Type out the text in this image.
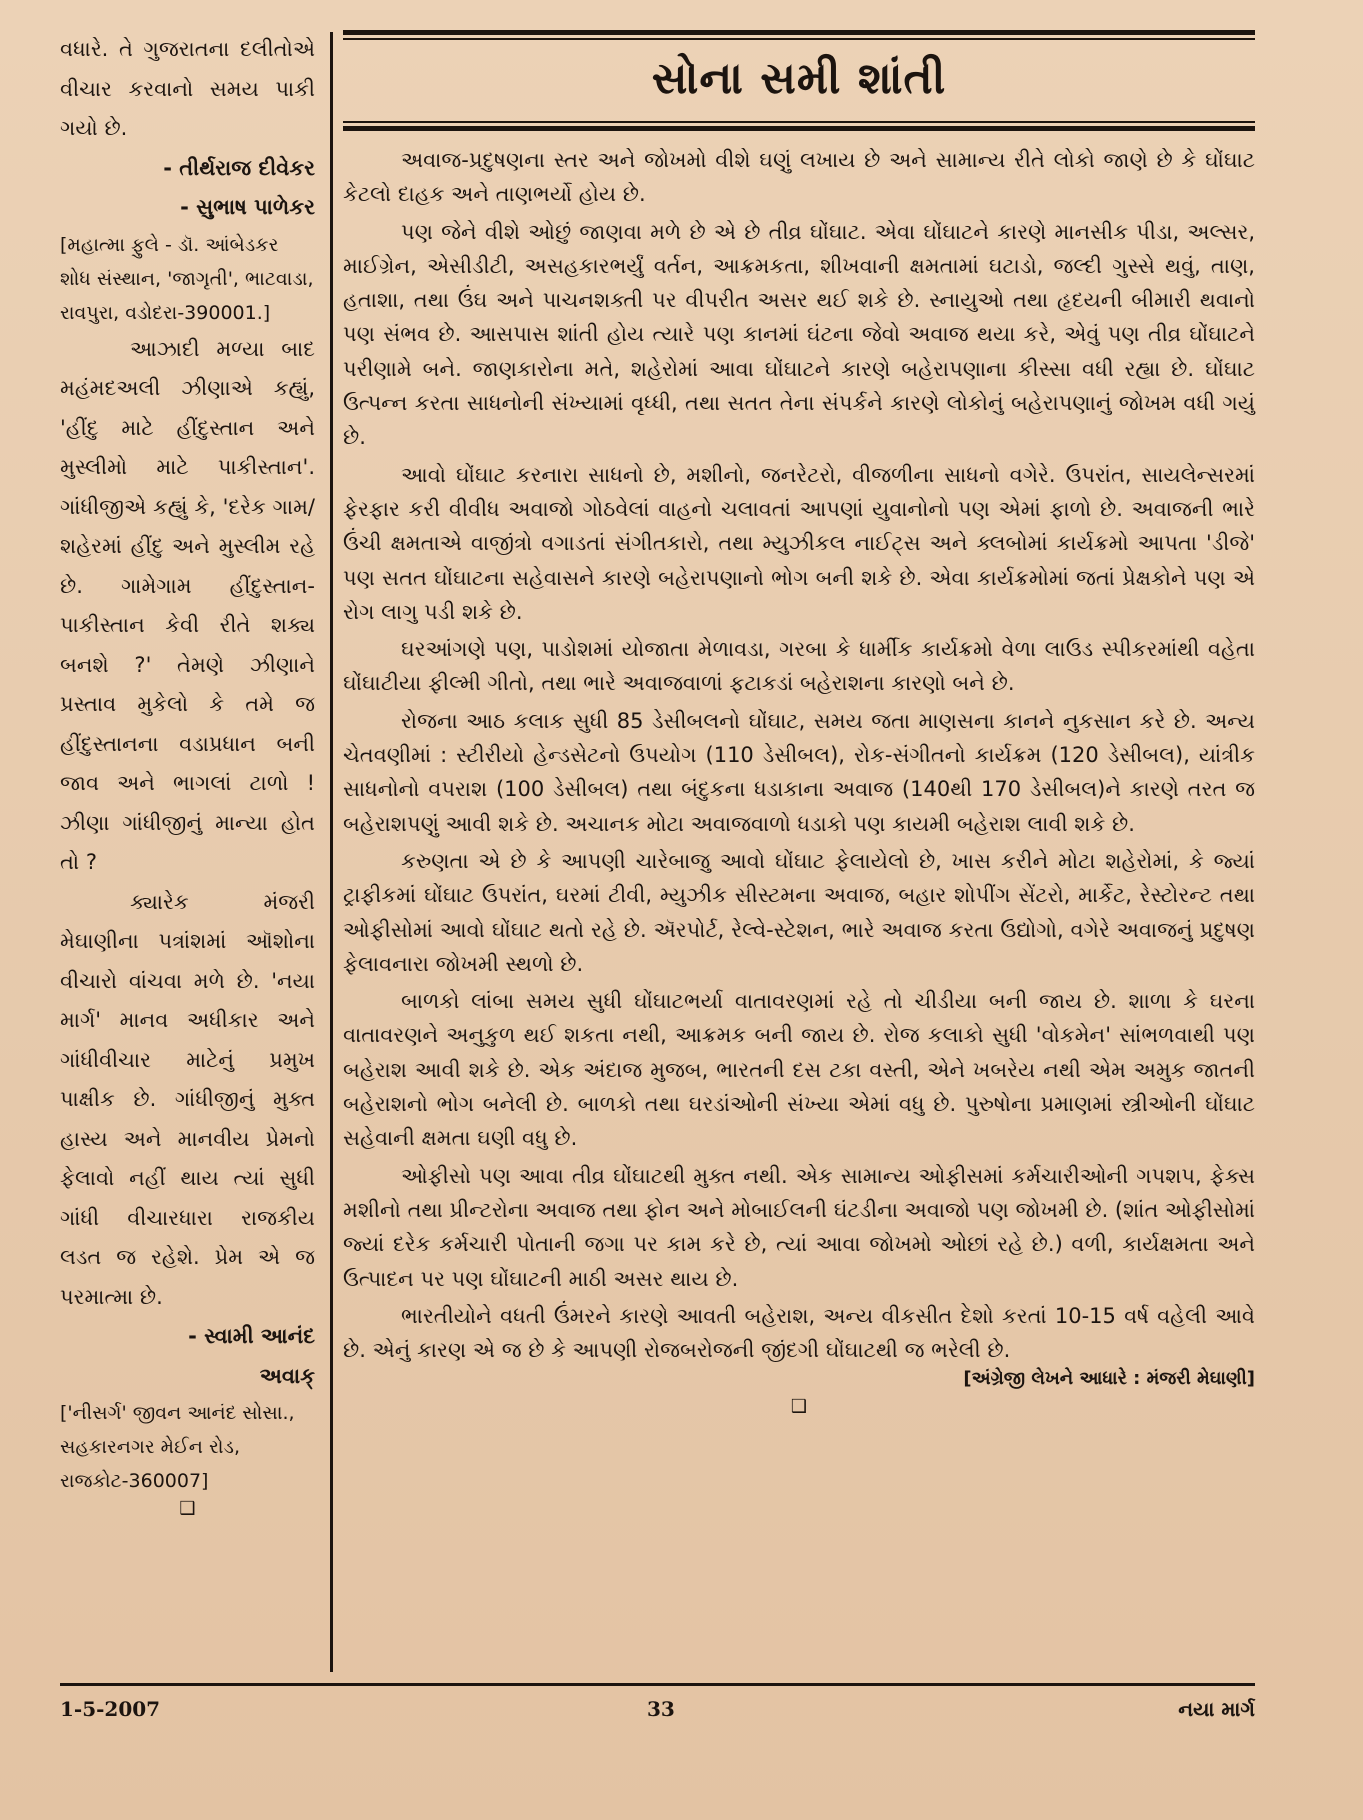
વધારે. તે ગુજરાતના દલીતોએ વીચાર કરવાનો સમય પાકી ગયો છે.

- તીર્થરાજ દીવેકર

- સુભાષ પાળેકર

[મહાત્મા ફુલે - ડૉ. આંબેડકર શોધ સંસ્થાન, 'જાગૃતી', ભાટવાડા, રાવપુરા, વડોદરા-390001.]

આઝાદી મળ્યા બાદ મહંમદઅલી ઝીણાએ કહ્યું, 'હીંદુ માટે હીંદુસ્તાન અને મુસ્લીમો માટે પાકીસ્તાન'. ગાંધીજીએ કહ્યું કે, 'દરેક ગામ/શહેરમાં હીંદુ અને મુસ્લીમ રહે છે. ગામેગામ હીંદુસ્તાન-પાકીસ્તાન કેવી રીતે શક્ય બનશે ?' તેમણે ઝીણાને પ્રસ્તાવ મુકેલો કે તમે જ હીંદુસ્તાનના વડાપ્રધાન બની જાવ અને ભાગલાં ટાળો ! ઝીણા ગાંધીજીનું માન્યા હોત તો ?

ક્યારેક મંજરી મેઘાણીના પત્રાંશમાં ઑશોના વીચારો વાંચવા મળે છે. 'નયા માર્ગ' માનવ અધીકાર અને ગાંધીવીચાર માટેનું પ્રમુખ પાક્ષીક છે. ગાંધીજીનું મુક્ત હાસ્ય અને માનવીય પ્રેમનો ફેલાવો નહીં થાય ત્યાં સુધી ગાંધી વીચારધારા રાજકીય લડત જ રહેશે. પ્રેમ એ જ પરમાત્મા છે.

- સ્વામી આનંદ

અવાક્

['નીસર્ગ' જીવન આનંદ સોસા., સહકારનગર મેઈન રોડ, રાજકોટ-360007]

❑
સોના સમી શાંતી

અવાજ-પ્રદુષણના સ્તર અને જોખમો વીશે ઘણું લખાય છે અને સામાન્ય રીતે લોકો જાણે છે કે ઘોંઘાટ કેટલો દાહક અને તાણભર્યો હોય છે.

પણ જેને વીશે ઓછું જાણવા મળે છે એ છે તીવ્ર ઘોંઘાટ. એવા ઘોંઘાટને કારણે માનસીક પીડા, અલ્સર, માઈગ્રેન, એસીડીટી, અસહકારભર્યું વર્તન, આક્રમકતા, શીખવાની ક્ષમતામાં ઘટાડો, જલ્દી ગુસ્સે થવું, તાણ, હતાશા, તથા ઉંઘ અને પાચનશક્તી પર વીપરીત અસર થઈ શકે છે. સ્નાયુઓ તથા હૃદયની બીમારી થવાનો પણ સંભવ છે. આસપાસ શાંતી હોય ત્યારે પણ કાનમાં ઘંટના જેવો અવાજ થયા કરે, એવું પણ તીવ્ર ઘોંઘાટને પરીણામે બને. જાણકારોના મતે, શહેરોમાં આવા ઘોંઘાટને કારણે બહેરાપણાના કીસ્સા વધી રહ્યા છે. ઘોંઘાટ ઉત્પન્ન કરતા સાધનોની સંખ્યામાં વૃધ્ધી, તથા સતત તેના સંપર્કને કારણે લોકોનું બહેરાપણાનું જોખમ વધી ગયું છે.

આવો ઘોંઘાટ કરનારા સાધનો છે, મશીનો, જનરેટરો, વીજળીના સાધનો વગેરે. ઉપરાંત, સાયલેન્સરમાં ફેરફાર કરી વીવીધ અવાજો ગોઠવેલાં વાહનો ચલાવતાં આપણાં યુવાનોનો પણ એમાં ફાળો છે. અવાજની ભારે ઉંચી ક્ષમતાએ વાજીંત્રો વગાડતાં સંગીતકારો, તથા મ્યુઝીકલ નાઈટ્સ અને ક્લબોમાં કાર્યક્રમો આપતા 'ડીજે' પણ સતત ઘોંઘાટના સહેવાસને કારણે બહેરાપણાનો ભોગ બની શકે છે. એવા કાર્યક્રમોમાં જતાં પ્રેક્ષકોને પણ એ રોગ લાગુ પડી શકે છે.

ઘરઆંગણે પણ, પાડોશમાં યોજાતા મેળાવડા, ગરબા કે ધાર્મીક કાર્યક્રમો વેળા લાઉડ સ્પીકરમાંથી વહેતા ઘોંઘાટીયા ફીલ્મી ગીતો, તથા ભારે અવાજવાળાં ફટાકડાં બહેરાશના કારણો બને છે.

રોજના આઠ કલાક સુધી 85 ડેસીબલનો ઘોંઘાટ, સમય જતા માણસના કાનને નુકસાન કરે છે. અન્ય ચેતવણીમાં : સ્ટીરીયો હેન્ડસેટનો ઉપયોગ (110 ડેસીબલ), રોક-સંગીતનો કાર્યક્રમ (120 ડેસીબલ), યાંત્રીક સાધનોનો વપરાશ (100 ડેસીબલ) તથા બંદુકના ધડાકાના અવાજ (140થી 170 ડેસીબલ)ને કારણે તરત જ બહેરાશપણું આવી શકે છે. અચાનક મોટા અવાજવાળો ધડાકો પણ કાયમી બહેરાશ લાવી શકે છે.

કરુણતા એ છે કે આપણી ચારેબાજુ આવો ઘોંઘાટ ફેલાયેલો છે, ખાસ કરીને મોટા શહેરોમાં, કે જ્યાં ટ્રાફીકમાં ઘોંઘાટ ઉપરાંત, ઘરમાં ટીવી, મ્યુઝીક સીસ્ટમના અવાજ, બહાર શોપીંગ સેંટરો, માર્કેટ, રેસ્ટોરન્ટ તથા ઓફીસોમાં આવો ઘોંઘાટ થતો રહે છે. ઍરપોર્ટ, રેલ્વે-સ્ટેશન, ભારે અવાજ કરતા ઉદ્યોગો, વગેરે અવાજનું પ્રદુષણ ફેલાવનારા જોખમી સ્થળો છે.

બાળકો લાંબા સમય સુધી ઘોંઘાટભર્યા વાતાવરણમાં રહે તો ચીડીયા બની જાય છે. શાળા કે ઘરના વાતાવરણને અનુકુળ થઈ શકતા નથી, આક્રમક બની જાય છે. રોજ કલાકો સુધી 'વોકમેન' સાંભળવાથી પણ બહેરાશ આવી શકે છે. એક અંદાજ મુજબ, ભારતની દસ ટકા વસ્તી, એને ખબરેય નથી એમ અમુક જાતની બહેરાશનો ભોગ બનેલી છે. બાળકો તથા ઘરડાંઓની સંખ્યા એમાં વધુ છે. પુરુષોના પ્રમાણમાં સ્ત્રીઓની ઘોંઘાટ સહેવાની ક્ષમતા ઘણી વધુ છે.

ઓફીસો પણ આવા તીવ્ર ઘોંઘાટથી મુક્ત નથી. એક સામાન્ય ઓફીસમાં કર્મચારીઓની ગપશપ, ફેક્સ મશીનો તથા પ્રીન્ટરોના અવાજ તથા ફોન અને મોબાઈલની ઘંટડીના અવાજો પણ જોખમી છે. (શાંત ઓફીસોમાં જ્યાં દરેક કર્મચારી પોતાની જગા પર કામ કરે છે, ત્યાં આવા જોખમો ઓછાં રહે છે.) વળી, કાર્યક્ષમતા અને ઉત્પાદન પર પણ ઘોંઘાટની માઠી અસર થાય છે.

ભારતીયોને વધતી ઉંમરને કારણે આવતી બહેરાશ, અન્ય વીકસીત દેશો કરતાં 10-15 વર્ષ વહેલી આવે છે. એનું કારણ એ જ છે કે આપણી રોજબરોજની જીંદગી ઘોંઘાટથી જ ભરેલી છે.

[અંગ્રેજી લેખને આધારે : મંજરી મેઘાણી]
❑
1-5-2007	33	નયા માર્ગ
